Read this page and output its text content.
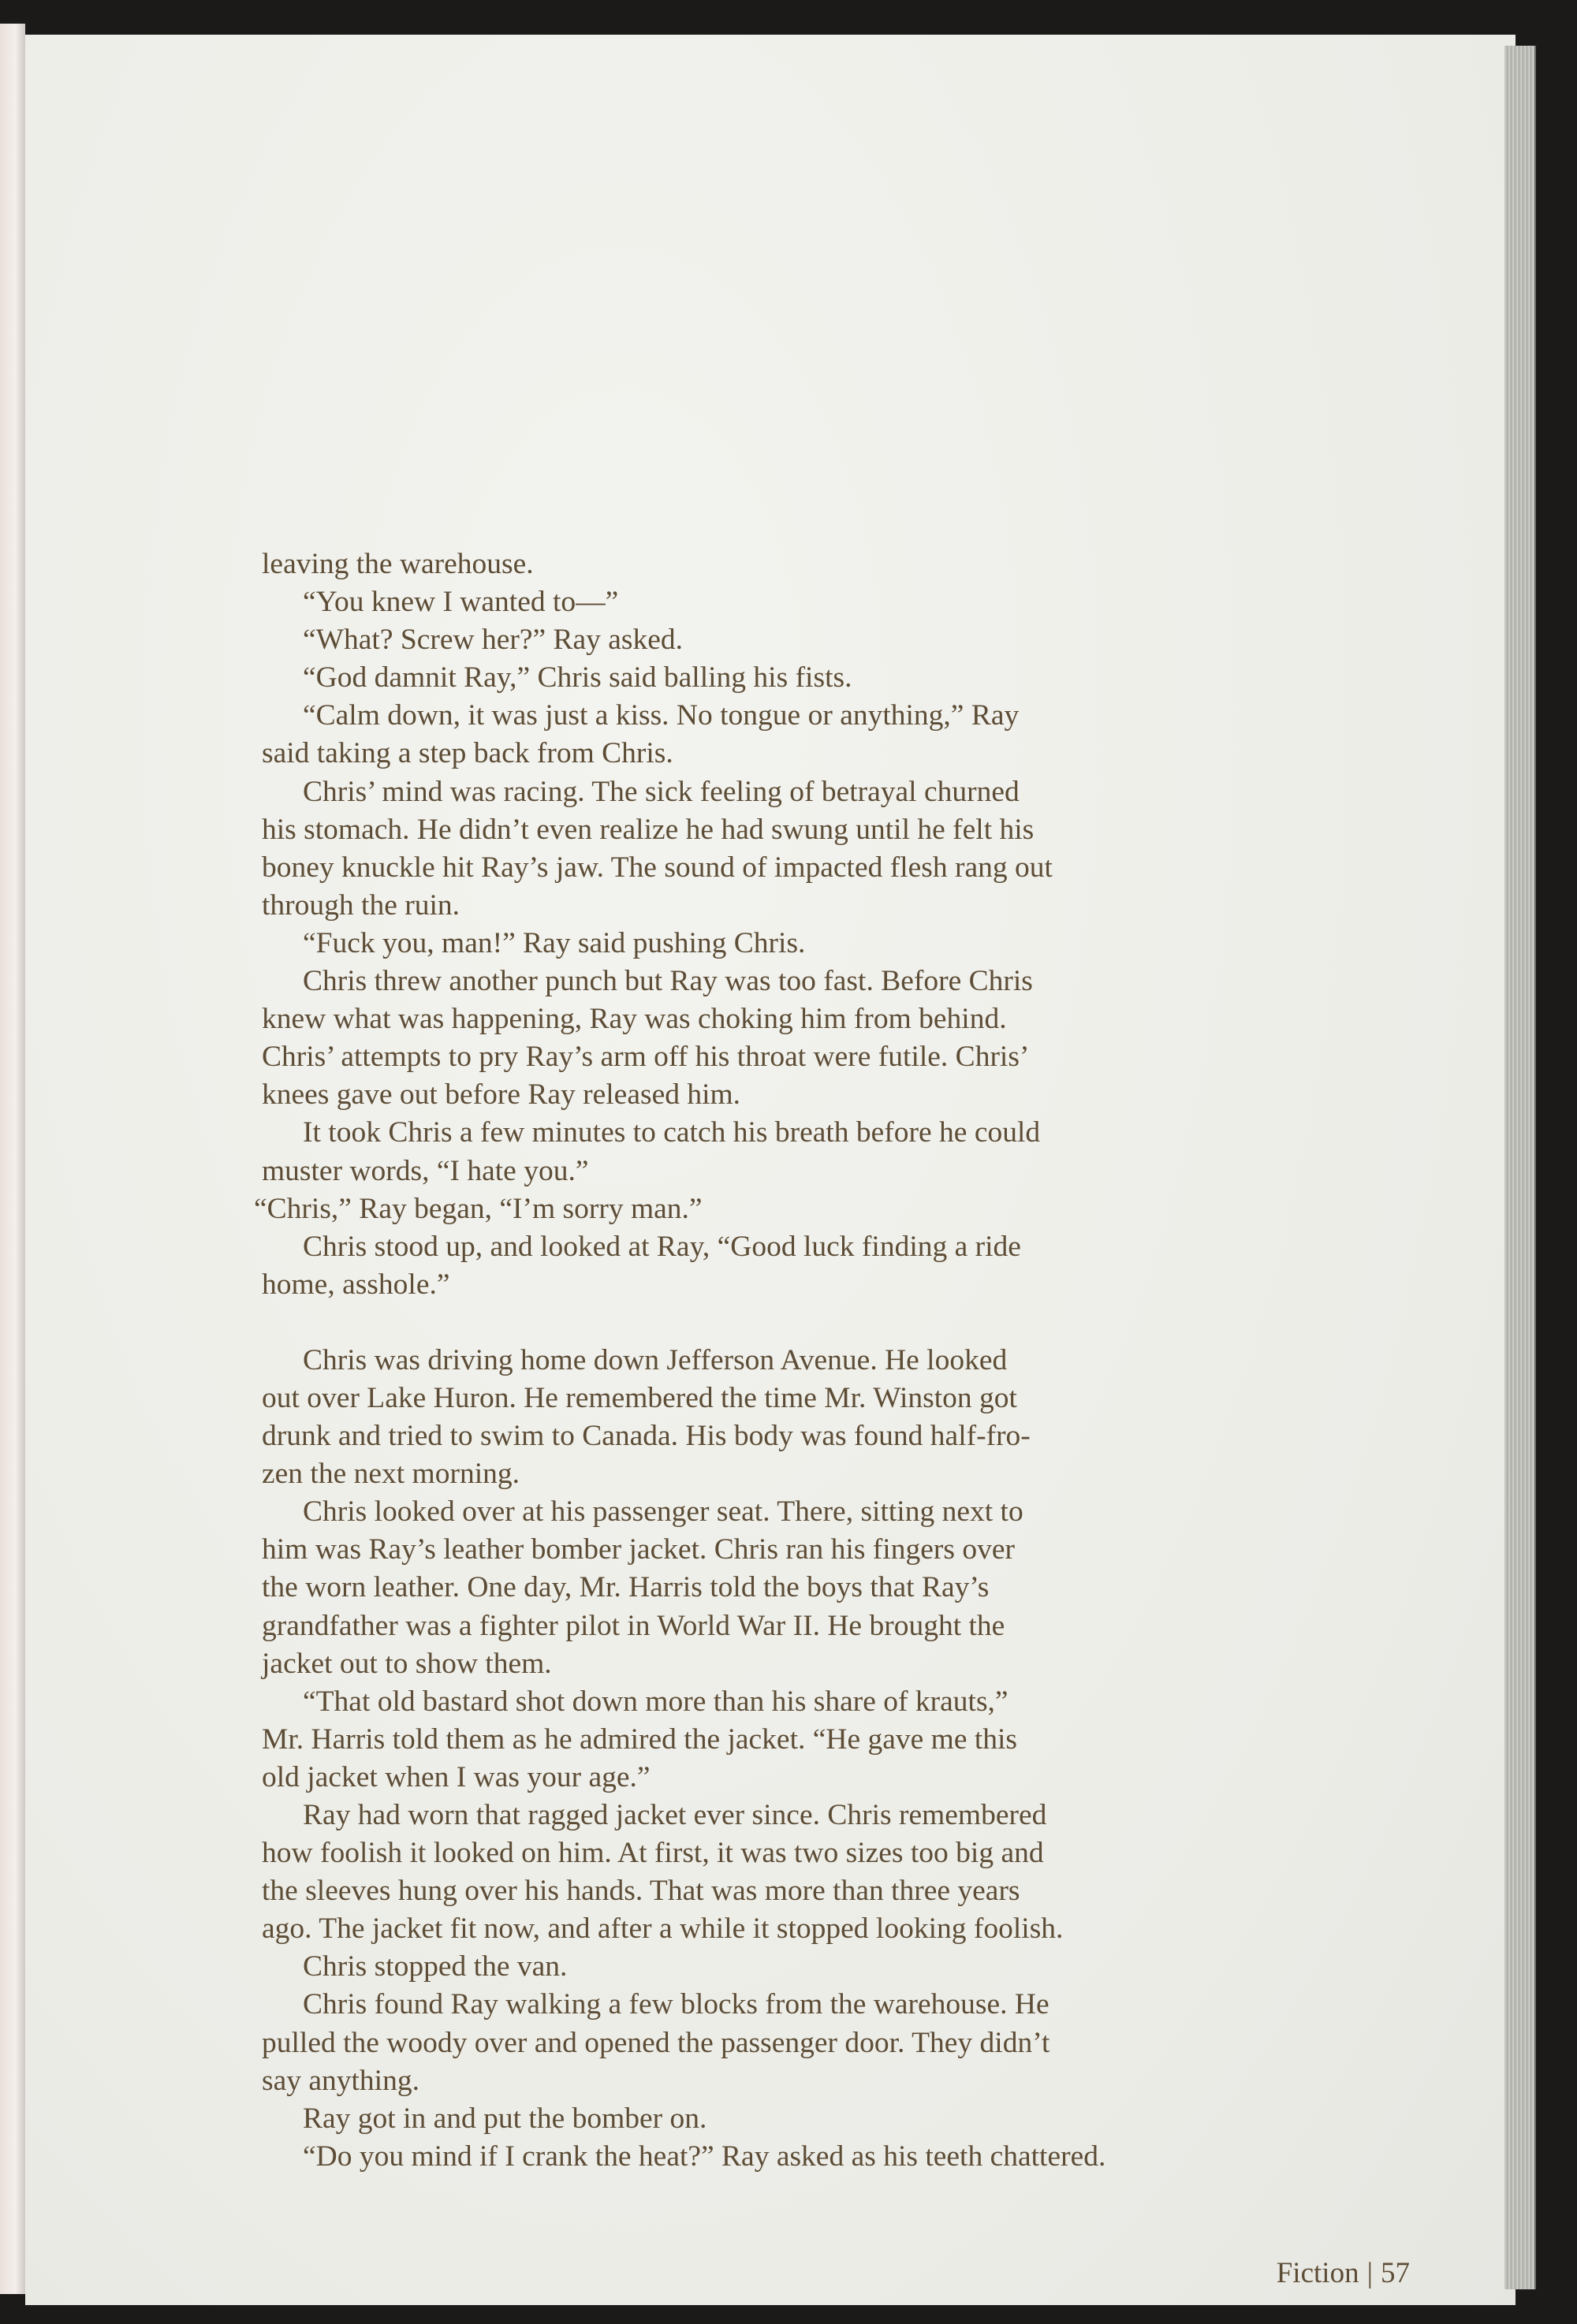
leaving the warehouse.

“You knew I wanted to—”

“What? Screw her?” Ray asked.

“God damnit Ray,” Chris said balling his fists.

“Calm down, it was just a kiss. No tongue or anything,” Ray

said taking a step back from Chris.

Chris’ mind was racing. The sick feeling of betrayal churned

his stomach. He didn’t even realize he had swung until he felt his

boney knuckle hit Ray’s jaw. The sound of impacted flesh rang out

through the ruin.

“Fuck you, man!” Ray said pushing Chris.

Chris threw another punch but Ray was too fast. Before Chris

knew what was happening, Ray was choking him from behind.

Chris’ attempts to pry Ray’s arm off his throat were futile. Chris’

knees gave out before Ray released him.

It took Chris a few minutes to catch his breath before he could

muster words, “I hate you.”

“Chris,” Ray began, “I’m sorry man.”

Chris stood up, and looked at Ray, “Good luck finding a ride

home, asshole.”

Chris was driving home down Jefferson Avenue. He looked

out over Lake Huron. He remembered the time Mr. Winston got

drunk and tried to swim to Canada. His body was found half-fro-

zen the next morning.

Chris looked over at his passenger seat. There, sitting next to

him was Ray’s leather bomber jacket. Chris ran his fingers over

the worn leather. One day, Mr. Harris told the boys that Ray’s

grandfather was a fighter pilot in World War II. He brought the

jacket out to show them.

“That old bastard shot down more than his share of krauts,”

Mr. Harris told them as he admired the jacket. “He gave me this

old jacket when I was your age.”

Ray had worn that ragged jacket ever since. Chris remembered

how foolish it looked on him. At first, it was two sizes too big and

the sleeves hung over his hands. That was more than three years

ago. The jacket fit now, and after a while it stopped looking foolish.

Chris stopped the van.

Chris found Ray walking a few blocks from the warehouse. He

pulled the woody over and opened the passenger door. They didn’t

say anything.

Ray got in and put the bomber on.

“Do you mind if I crank the heat?” Ray asked as his teeth chattered.

Fiction | 57
